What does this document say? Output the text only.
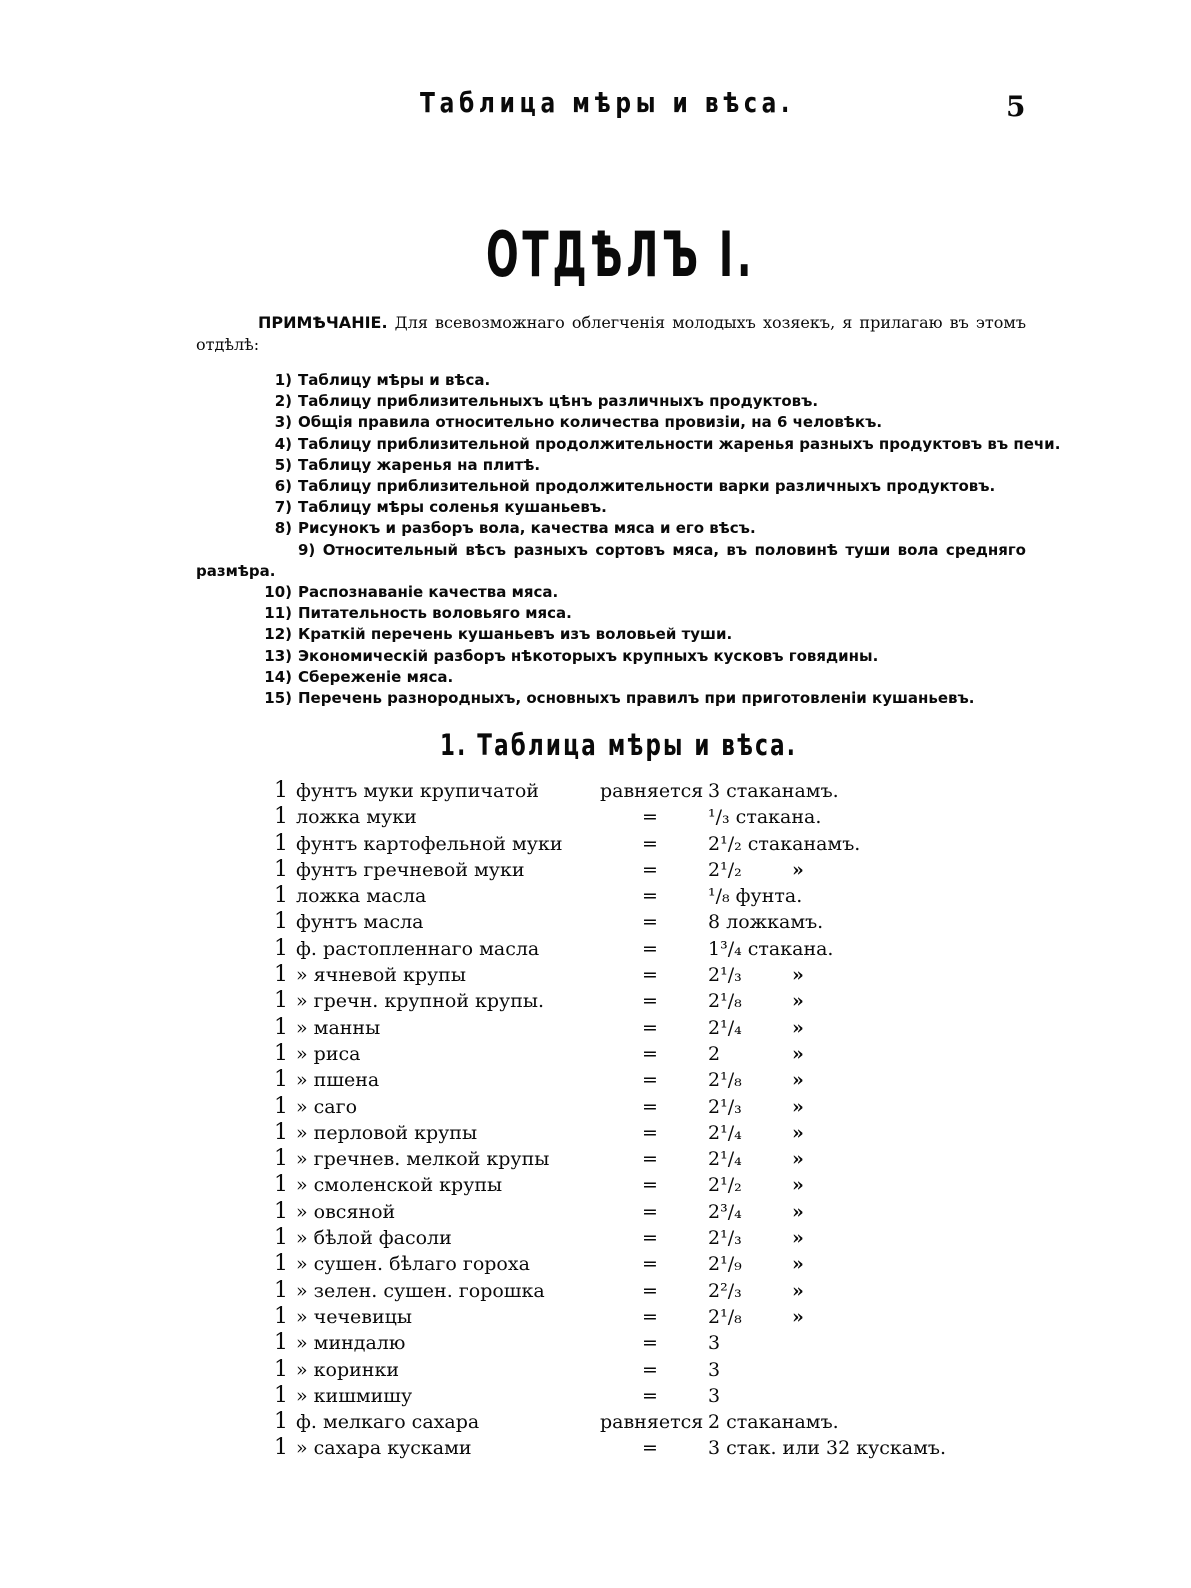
Таблица мѣры и вѣса.	5
ОТДѢЛЪ I.

ПРИМѢЧАНІЕ. Для всевозможнаго облегченія молодыхъ хозяекъ, я прилагаю въ этомъ отдѣлѣ:

1) Таблицу мѣры и вѣса.
2) Таблицу приблизительныхъ цѣнъ различныхъ продуктовъ.
3) Общія правила относительно количества провизіи, на 6 человѣкъ.
4) Таблицу приблизительной продолжительности жаренья разныхъ продуктовъ въ печи.
5) Таблицу жаренья на плитѣ.
6) Таблицу приблизительной продолжительности варки различныхъ продуктовъ.
7) Таблицу мѣры соленья кушаньевъ.
8) Рисунокъ и разборъ вола, качества мяса и его вѣсъ.
9) Относительный вѣсъ разныхъ сортовъ мяса, въ половинѣ туши вола средняго размѣра.
10) Распознаваніе качества мяса.
11) Питательность воловьяго мяса.
12) Краткій перечень кушаньевъ изъ воловьей туши.
13) Экономическій разборъ нѣкоторыхъ крупныхъ кусковъ говядины.
14) Сбереженіе мяса.
15) Перечень разнородныхъ, основныхъ правилъ при приготовленіи кушаньевъ.
1. Таблица мѣры и вѣса.
1 фунтъ муки крупичатой . . .	равняется 3 стаканамъ.
1 ложка муки . . .	=	¹/₃ стакана.
1 фунтъ картофельной муки . . .	=	2¹/₂ стаканамъ.
1 фунтъ гречневой муки . . .	=	2¹/₂	»
1 ложка масла . . .	=	¹/₈ фунта.
1 фунтъ масла . . .	=	8 ложкамъ.
1 ф. растопленнаго масла . . .	=	1³/₄ стакана.
1 » ячневой крупы . . .	=	2¹/₃	»
1 » гречн. крупной крупы. . . .	=	2¹/₈	»
1 » манны . . .	=	2¹/₄	»
1 » риса . . .	=	2	»
1 » пшена . . .	=	2¹/₈	»
1 » саго . . .	=	2¹/₃	»
1 » перловой крупы . . .	=	2¹/₄	»
1 » гречнев. мелкой крупы . . .	=	2¹/₄	»
1 » смоленской крупы . . .	=	2¹/₂	»
1 » овсяной . . .	=	2³/₄	»
1 » бѣлой фасоли . . .	=	2¹/₃	»
1 » сушен. бѣлаго гороха . . .	=	2¹/₉	»
1 » зелен. сушен. горошка . . .	=	2²/₃	»
1 » чечевицы . . .	=	2¹/₈	»
1 » миндалю . . .	=	3
1 » коринки . . .	=	3
1 » кишмишу . . .	=	3
1 ф. мелкаго сахара . . .	равняется 2 стаканамъ.
1 » сахара кусками . . .	=	3 стак. или 32 кускамъ.
